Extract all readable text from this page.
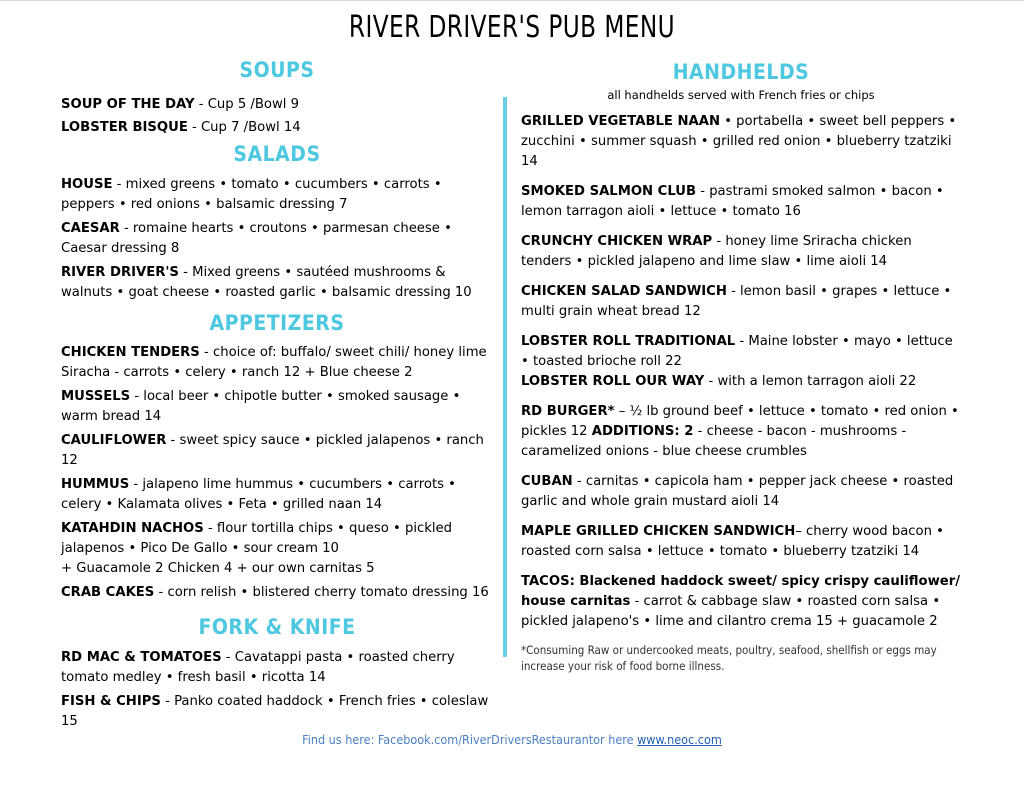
RIVER DRIVER'S PUB MENU
SOUPS

SOUP OF THE DAY - Cup 5 /Bowl 9

LOBSTER BISQUE - Cup 7 /Bowl 14

SALADS

HOUSE - mixed greens • tomato • cucumbers • carrots • peppers • red onions • balsamic dressing 7

CAESAR - romaine hearts • croutons • parmesan cheese • Caesar dressing 8

RIVER DRIVER'S - Mixed greens • sautéed mushrooms & walnuts • goat cheese • roasted garlic • balsamic dressing 10

APPETIZERS

CHICKEN TENDERS - choice of: buffalo/ sweet chili/ honey lime Siracha - carrots • celery • ranch 12 + Blue cheese 2

MUSSELS - local beer • chipotle butter • smoked sausage • warm bread 14

CAULIFLOWER - sweet spicy sauce • pickled jalapenos • ranch 12

HUMMUS - jalapeno lime hummus • cucumbers • carrots • celery • Kalamata olives • Feta • grilled naan 14

KATAHDIN NACHOS - flour tortilla chips • queso • pickled jalapenos • Pico De Gallo • sour cream 10

+ Guacamole 2 Chicken 4 + our own carnitas 5

CRAB CAKES - corn relish • blistered cherry tomato dressing 16

FORK & KNIFE

RD MAC & TOMATOES - Cavatappi pasta • roasted cherry tomato medley • fresh basil • ricotta 14

FISH & CHIPS - Panko coated haddock • French fries • coleslaw 15

HANDHELDS

all handhelds served with French fries or chips

GRILLED VEGETABLE NAAN • portabella • sweet bell peppers • zucchini • summer squash • grilled red onion • blueberry tzatziki 14

SMOKED SALMON CLUB - pastrami smoked salmon • bacon • lemon tarragon aioli • lettuce • tomato 16

CRUNCHY CHICKEN WRAP - honey lime Sriracha chicken tenders • pickled jalapeno and lime slaw • lime aioli 14

CHICKEN SALAD SANDWICH - lemon basil • grapes • lettuce • multi grain wheat bread 12

LOBSTER ROLL TRADITIONAL - Maine lobster • mayo • lettuce • toasted brioche roll 22

LOBSTER ROLL OUR WAY - with a lemon tarragon aioli 22

RD BURGER* – ½ lb ground beef • lettuce • tomato • red onion • pickles 12 ADDITIONS: 2 - cheese - bacon - mushrooms - caramelized onions - blue cheese crumbles

CUBAN - carnitas • capicola ham • pepper jack cheese • roasted garlic and whole grain mustard aioli 14

MAPLE GRILLED CHICKEN SANDWICH– cherry wood bacon • roasted corn salsa • lettuce • tomato • blueberry tzatziki 14

TACOS: Blackened haddock sweet/ spicy crispy cauliflower/ house carnitas - carrot & cabbage slaw • roasted corn salsa • pickled jalapeno's • lime and cilantro crema 15 + guacamole 2

*Consuming Raw or undercooked meats, poultry, seafood, shellfish or eggs may increase your risk of food borne illness.

Find us here: Facebook.com/RiverDriversRestaurantor here www.neoc.com
